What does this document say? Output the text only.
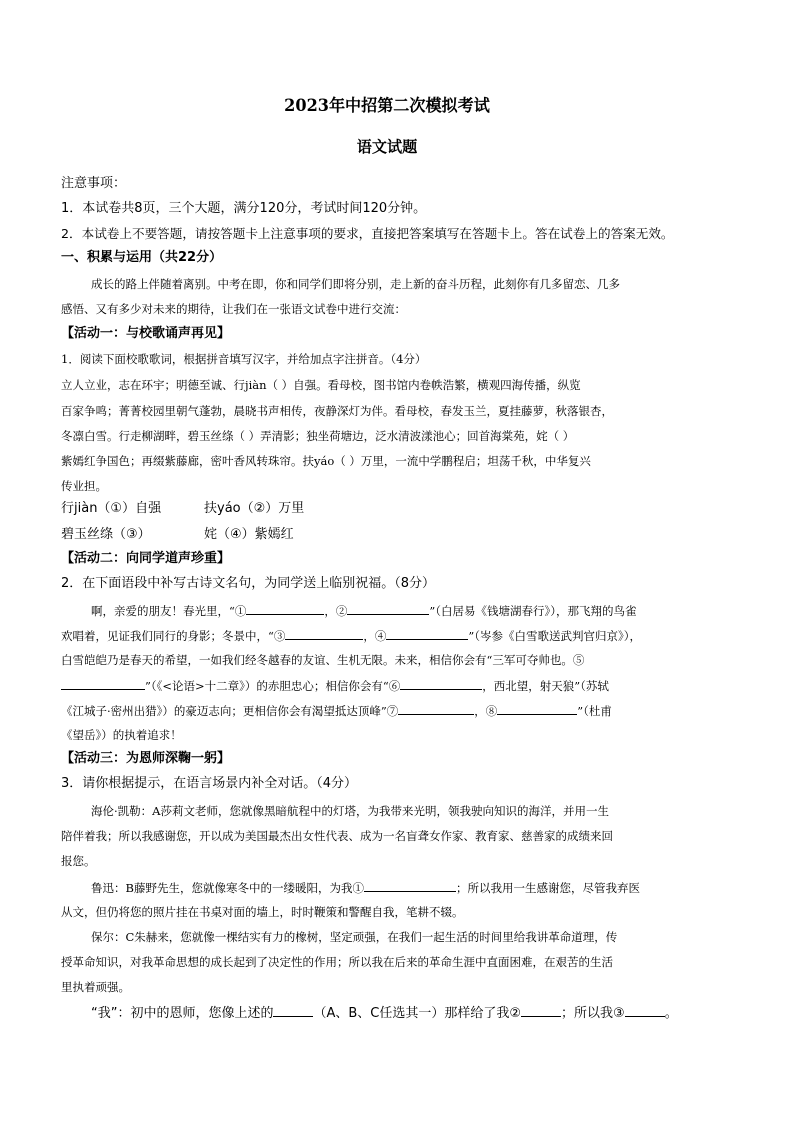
2023年中招第二次模拟考试
语文试题
注意事项：
1．本试卷共8页，三个大题，满分120分，考试时间120分钟。
2．本试卷上不要答题，请按答题卡上注意事项的要求，直接把答案填写在答题卡上。答在试卷上的答案无效。
一、积累与运用（共22分）
成长的路上伴随着离别。中考在即，你和同学们即将分别，走上新的奋斗历程，此刻你有几多留恋、几多
感悟、又有多少对未来的期待，让我们在一张语文试卷中进行交流：
【活动一：与校歌诵声再见】
1．阅读下面校歌歌词，根据拼音填写汉字，并给加点字注拼音。（4分）
立人立业，志在环宇；明德至诚、行jiàn（ ）自强。看母校，图书馆内卷帙浩繁，横观四海传播，纵览
百家争鸣；菁菁校园里朝气蓬勃，晨晓书声相传，夜静深灯为伴。看母校，春发玉兰，夏挂藤萝，秋落银杏，
冬凛白雪。行走柳湖畔，碧玉丝绦（ ）弄清影；独坐荷塘边，泛水清波漾池心；回首海棠苑，姹（ ）
紫嫣红争国色；再缀紫藤廊，密叶香风转珠帘。扶yáo（ ）万里，一流中学鹏程启；坦荡千秋，中华复兴
传业担。
行jiàn（①）自强	扶yáo（②）万里
碧玉丝绦（③）	姹（④）紫嫣红
【活动二：向同学道声珍重】
2．在下面语段中补写古诗文名句，为同学送上临别祝福。（8分）
啊，亲爱的朋友！春光里，“①	，②	”（白居易《钱塘湖春行》），那飞翔的鸟雀
欢唱着，见证我们同行的身影；冬景中，“③	，④	”（岑参《白雪歌送武判官归京》），
白雪皑皑乃是春天的希望，一如我们经冬越春的友谊、生机无限。未来，相信你会有“三军可夺帅也。⑤
”（《<论语>十二章》）的赤胆忠心；相信你会有“⑥	，西北望，射天狼”（苏轼
《江城子·密州出猎》）的豪迈志向；更相信你会有渴望抵达顶峰”⑦	，⑧	”（杜甫
《望岳》）的执着追求！
【活动三：为恩师深鞠一躬】
3．请你根据提示，在语言场景内补全对话。（4分）
海伦·凯勒：A莎莉文老师，您就像黑暗航程中的灯塔，为我带来光明，领我驶向知识的海洋，并用一生
陪伴着我；所以我感谢您，开以成为美国最杰出女性代表、成为一名盲聋女作家、教育家、慈善家的成绩来回
报您。
鲁迅：B藤野先生，您就像寒冬中的一缕暖阳，为我①	；所以我用一生感谢您，尽管我弃医
从文，但仍将您的照片挂在书桌对面的墙上，时时鞭策和警醒自我，笔耕不辍。
保尔：C朱赫来，您就像一棵结实有力的橡树，坚定顽强，在我们一起生活的时间里给我讲革命道理，传
授革命知识，对我革命思想的成长起到了决定性的作用；所以我在后来的革命生涯中直面困难，在艰苦的生活
里执着顽强。
“我”：初中的恩师，您像上述的	（A、B、C任选其一）那样给了我②	；所以我③	。
